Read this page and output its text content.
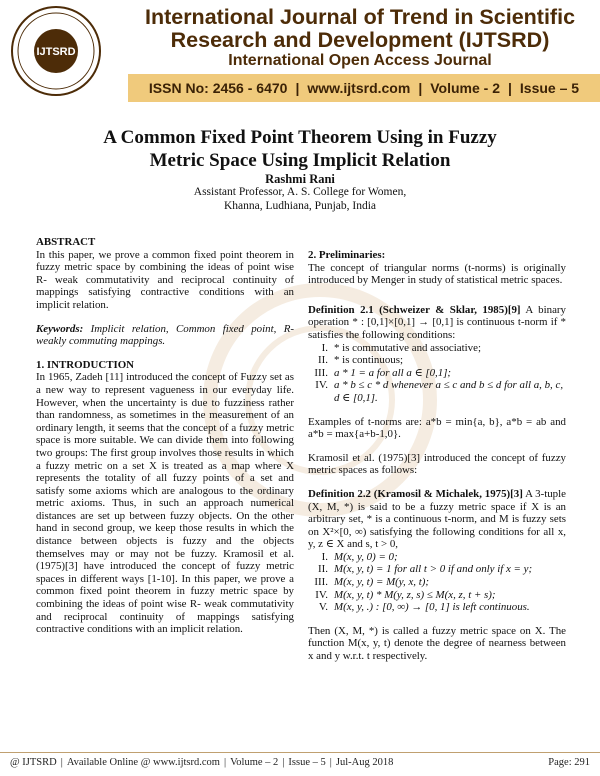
IJTSRD
International Journal of Trend in Scientific
Research and Development (IJTSRD)
International Open Access Journal
ISSN No: 2456 - 6470 | www.ijtsrd.com | Volume - 2 | Issue – 5
A Common Fixed Point Theorem Using in Fuzzy
Metric Space Using Implicit Relation
Rashmi Rani
Assistant Professor, A. S. College for Women,
Khanna, Ludhiana, Punjab, India

ABSTRACT

In this paper, we prove a common fixed point theorem in fuzzy metric space by combining the ideas of point wise R- weak commutativity and reciprocal continuity of mappings satisfying contractive conditions with an implicit relation.

Keywords: Implicit relation, Common fixed point, R-weakly commuting mappings.

1. INTRODUCTION

In 1965, Zadeh [11] introduced the concept of Fuzzy set as a new way to represent vagueness in our everyday life. However, when the uncertainty is due to fuzziness rather than randomness, as sometimes in the measurement of an ordinary length, it seems that the concept of a fuzzy metric space is more suitable. We can divide them into following two groups: The first group involves those results in which a fuzzy metric on a set X is treated as a map where X represents the totality of all fuzzy points of a set and satisfy some axioms which are analogous to the ordinary metric axioms. Thus, in such an approach numerical distances are set up between fuzzy objects. On the other hand in second group, we keep those results in which the distance between objects is fuzzy and the objects themselves may or may not be fuzzy. Kramosil et al. (1975)[3] have introduced the concept of fuzzy metric spaces in different ways [1-10]. In this paper, we prove a common fixed point theorem in fuzzy metric space by combining the ideas of point wise R- weak commutativity and reciprocal continuity of mappings satisfying contractive conditions with an implicit relation.

2. Preliminaries:

The concept of triangular norms (t-norms) is originally introduced by Menger in study of statistical metric spaces.

Definition 2.1 (Schweizer & Sklar, 1985)[9] A binary operation * : [0,1]×[0,1] → [0,1] is continuous t-norm if * satisfies the following conditions:

I. * is commutative and associative;
II. * is continuous;
III. a * 1 = a for all a ∈ [0,1];
IV. a * b ≤ c * d whenever a ≤ c and b ≤ d for all a, b, c, d ∈ [0,1].

Examples of t-norms are: a*b = min{a, b}, a*b = ab and a*b = max{a+b-1,0}.

Kramosil et al. (1975)[3] introduced the concept of fuzzy metric spaces as follows:

Definition 2.2 (Kramosil & Michalek, 1975)[3] A 3-tuple (X, M, *) is said to be a fuzzy metric space if X is an arbitrary set, * is a continuous t-norm, and M is fuzzy sets on X²×[0, ∞) satisfying the following conditions for all x, y, z ∈ X and s, t > 0,

I. M(x, y, 0) = 0;
II. M(x, y, t) = 1 for all t > 0 if and only if x = y;
III. M(x, y, t) = M(y, x, t);
IV. M(x, y, t) * M(y, z, s) ≤ M(x, z, t + s);
V. M(x, y, .) : [0, ∞) → [0, 1] is left continuous.

Then (X, M, *) is called a fuzzy metric space on X. The function M(x, y, t) denote the degree of nearness between x and y w.r.t. t respectively.

@ IJTSRD | Available Online @ www.ijtsrd.com | Volume – 2 | Issue – 5 | Jul-Aug 2018	Page: 291
